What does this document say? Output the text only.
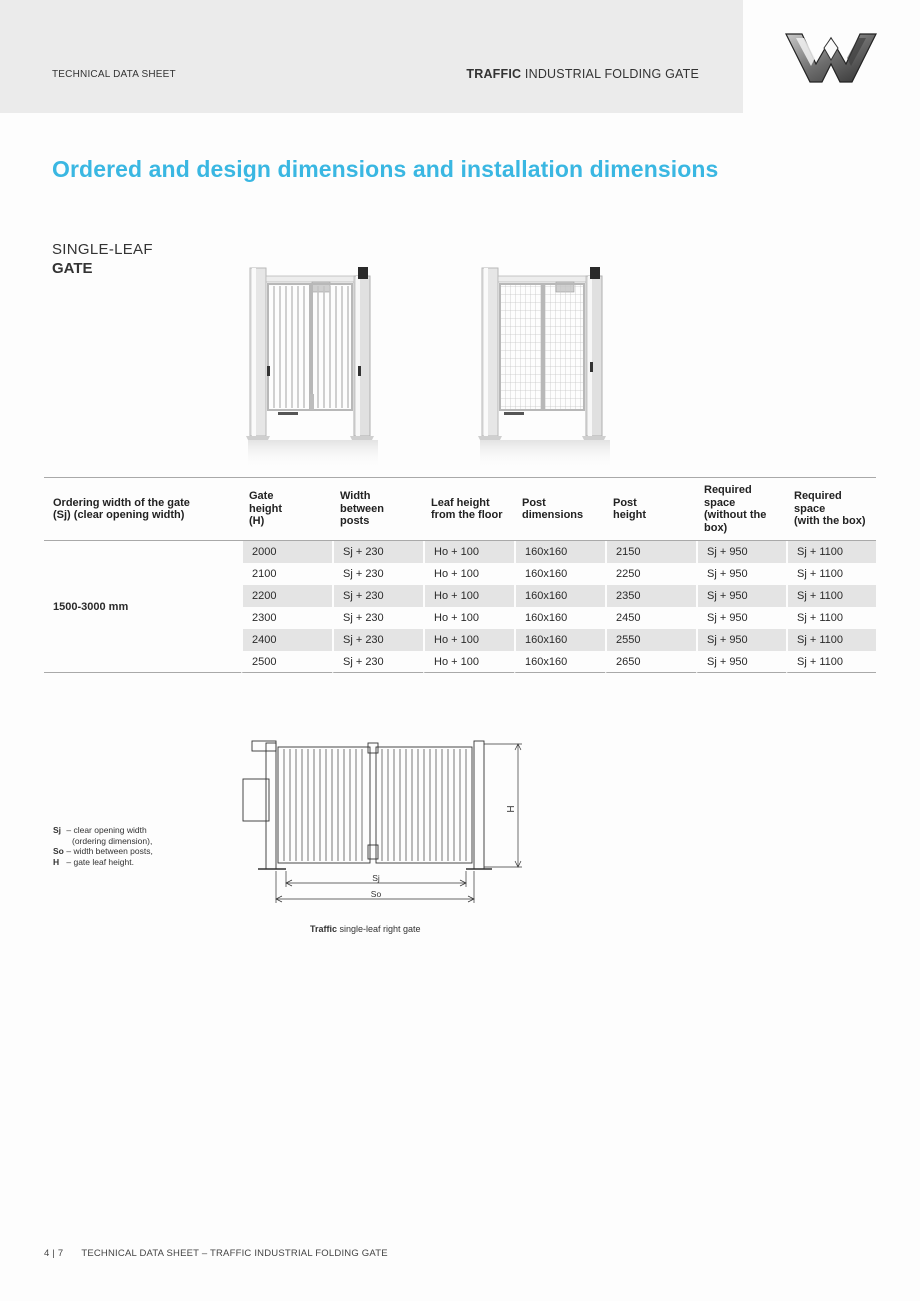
TECHNICAL DATA SHEET	TRAFFIC INDUSTRIAL FOLDING GATE
Ordered and design dimensions and installation dimensions
SINGLE-LEAF
GATE
Ordering width of the gate
(Sj) (clear opening width)	Gate
height
(H)	Width
between
posts	Leaf height
from the floor	Post
dimensions	Post
height	Required space
(without the
box)	Required space
(with the box)
1500-3000 mm	2000	Sj + 230	Ho + 100	160x160	2150	Sj + 950	Sj + 1100
	2100	Sj + 230	Ho + 100	160x160	2250	Sj + 950	Sj + 1100
	2200	Sj + 230	Ho + 100	160x160	2350	Sj + 950	Sj + 1100
	2300	Sj + 230	Ho + 100	160x160	2450	Sj + 950	Sj + 1100
	2400	Sj + 230	Ho + 100	160x160	2550	Sj + 950	Sj + 1100
	2500	Sj + 230	Ho + 100	160x160	2650	Sj + 950	Sj + 1100
Sj – clear opening width
(ordering dimension),
So – width between posts,
H – gate leaf height.
H
Sj
So
Traffic single-leaf right gate
4 | 7 TECHNICAL DATA SHEET – TRAFFIC INDUSTRIAL FOLDING GATE
